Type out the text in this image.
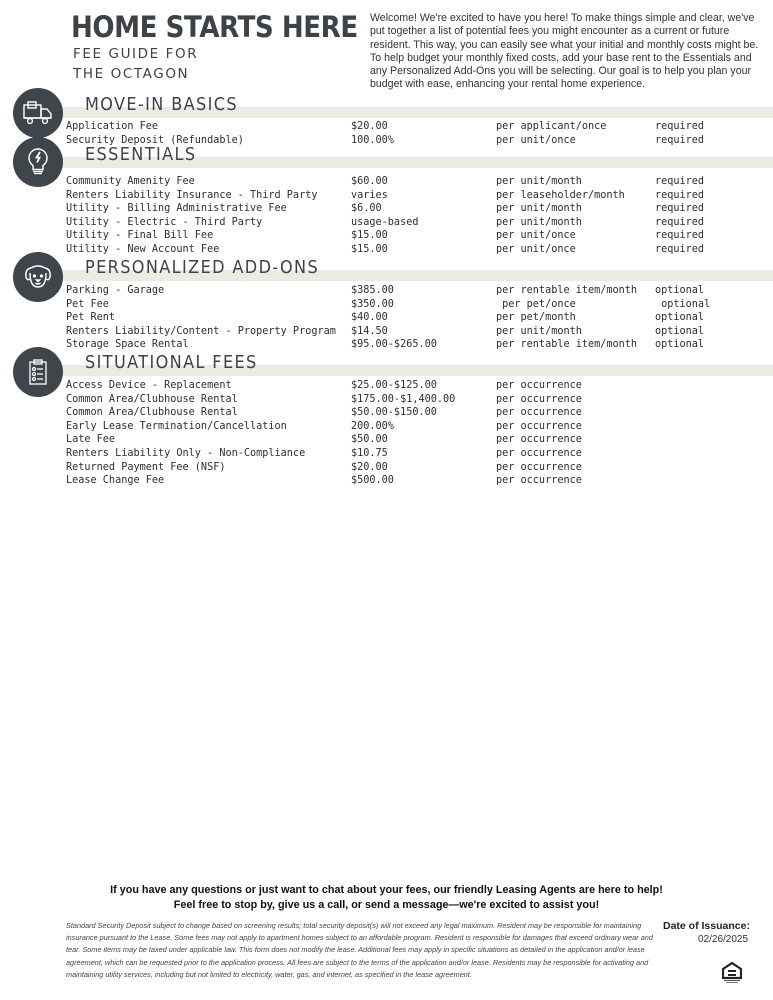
HOME STARTS HERE
FEE GUIDE FOR
THE OCTAGON
Welcome! We're excited to have you here! To make things simple and clear, we've put together a list of potential fees you might encounter as a current or future resident. This way, you can easily see what your initial and monthly costs might be. To help budget your monthly fixed costs, add your base rent to the Essentials and any Personalized Add-Ons you will be selecting. Our goal is to help you plan your budget with ease, enhancing your rental home experience.
MOVE-IN BASICS
Application Fee	$20.00	per applicant/once	required
Security Deposit (Refundable)	100.00%	per unit/once	required
ESSENTIALS
Community Amenity Fee	$60.00	per unit/month	required
Renters Liability Insurance - Third Party	varies	per leaseholder/month	required
Utility - Billing Administrative Fee	$6.00	per unit/month	required
Utility - Electric - Third Party	usage-based	per unit/month	required
Utility - Final Bill Fee	$15.00	per unit/once	required
Utility - New Account Fee	$15.00	per unit/once	required
PERSONALIZED ADD-ONS
Parking - Garage	$385.00	per rentable item/month optional
Pet Fee	$350.00	per pet/once	optional
Pet Rent	$40.00	per pet/month	optional
Renters Liability/Content - Property Program $14.50	per unit/month	optional
Storage Space Rental	$95.00-$265.00	per rentable item/month optional
SITUATIONAL FEES
Access Device - Replacement	$25.00-$125.00	per occurrence
Common Area/Clubhouse Rental	$175.00-$1,400.00	per occurrence
Common Area/Clubhouse Rental	$50.00-$150.00	per occurrence
Early Lease Termination/Cancellation	200.00%	per occurrence
Late Fee	$50.00	per occurrence
Renters Liability Only - Non-Compliance	$10.75	per occurrence
Returned Payment Fee (NSF)	$20.00	per occurrence
Lease Change Fee	$500.00	per occurrence
If you have any questions or just want to chat about your fees, our friendly Leasing Agents are here to help!
Feel free to stop by, give us a call, or send a message—we're excited to assist you!
Standard Security Deposit subject to change based on screening results; total security deposit(s) will not exceed any legal maximum. Resident may be responsible for maintaining insurance pursuant to the Lease. Some fees may not apply to apartment homes subject to an affordable program. Resident is responsible for damages that exceed ordinary wear and tear. Some items may be taxed under applicable law. This form does not modify the lease. Additional fees may apply in specific situations as detailed in the application and/or lease agreement, which can be requested prior to the application process. All fees are subject to the terms of the application and/or lease. Residents may be responsible for activating and maintaining utility services, including but not limited to electricity, water, gas, and internet, as specified in the lease agreement.
Date of Issuance:
02/26/2025
